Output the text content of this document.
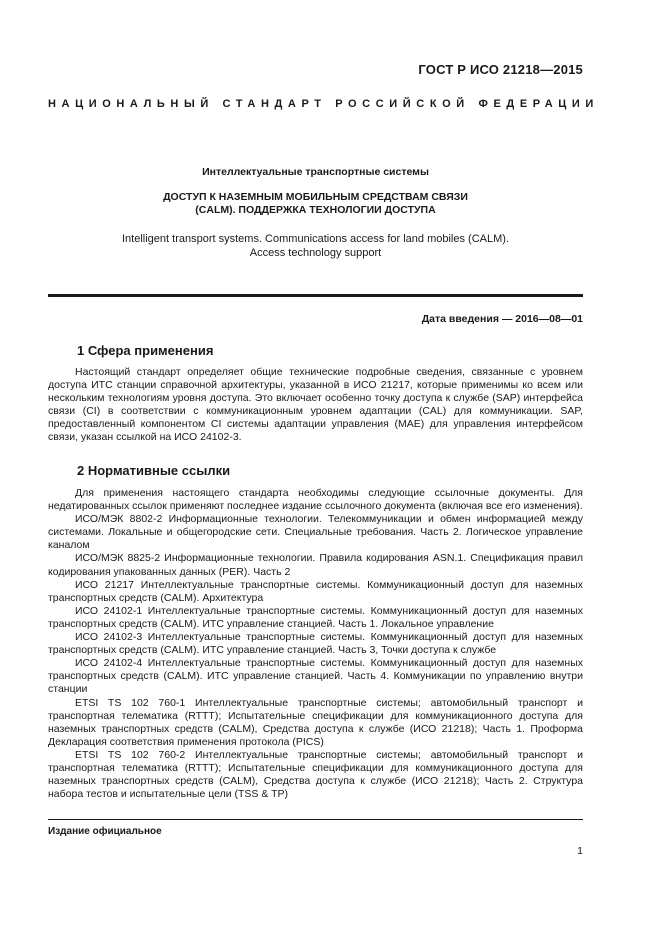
ГОСТ Р ИСО 21218—2015
НАЦИОНАЛЬНЫЙ СТАНДАРТ РОССИЙСКОЙ ФЕДЕРАЦИИ
Интеллектуальные транспортные системы
ДОСТУП К НАЗЕМНЫМ МОБИЛЬНЫМ СРЕДСТВАМ СВЯЗИ
(CALM). ПОДДЕРЖКА ТЕХНОЛОГИИ ДОСТУПА
Intelligent transport systems. Communications access for land mobiles (CALM).
Access technology support
Дата введения — 2016—08—01
1 Сфера применения
Настоящий стандарт определяет общие технические подробные сведения, связанные с уровнем доступа ИТС станции справочной архитектуры, указанной в ИСО 21217, которые применимы ко всем или нескольким технологиям уровня доступа. Это включает особенно точку доступа к службе (SAP) интерфейса связи (CI) в соответствии с коммуникационным уровнем адаптации (CAL) для коммуникации. SAP, предоставленный компонентом CI системы адаптации управления (MAE) для управления интерфейсом связи, указан ссылкой на ИСО 24102-3.
2 Нормативные ссылки

Для применения настоящего стандарта необходимы следующие ссылочные документы. Для недатированных ссылок применяют последнее издание ссылочного документа (включая все его изменения).

ИСО/МЭК 8802-2 Информационные технологии. Телекоммуникации и обмен информацией между системами. Локальные и общегородские сети. Специальные требования. Часть 2. Логическое управление каналом

ИСО/МЭК 8825-2 Информационные технологии. Правила кодирования ASN.1. Спецификация правил кодирования упакованных данных (PER). Часть 2

ИСО 21217 Интеллектуальные транспортные системы. Коммуникационный доступ для наземных транспортных средств (CALM). Архитектура

ИСО 24102-1 Интеллектуальные транспортные системы. Коммуникационный доступ для наземных транспортных средств (CALM). ИТС управление станцией. Часть 1. Локальное управление

ИСО 24102-3 Интеллектуальные транспортные системы. Коммуникационный доступ для наземных транспортных средств (CALM). ИТС управление станцией. Часть 3, Точки доступа к службе

ИСО 24102-4 Интеллектуальные транспортные системы. Коммуникационный доступ для наземных транспортных средств (CALM). ИТС управление станцией. Часть 4. Коммуникации по управлению внутри станции

ETSI TS 102 760-1 Интеллектуальные транспортные системы; автомобильный транспорт и транспортная телематика (RTTT); Испытательные спецификации для коммуникационного доступа для наземных транспортных средств (CALM), Средства доступа к службе (ИСО 21218); Часть 1. Проформа Декларация соответствия применения протокола (PICS)

ETSI TS 102 760-2 Интеллектуальные транспортные системы; автомобильный транспорт и транспортная телематика (RTTT); Испытательные спецификации для коммуникационного доступа для наземных транспортных средств (CALM), Средства доступа к службе (ИСО 21218); Часть 2. Структура набора тестов и испытательные цели (TSS & TP)

Издание официальное
1
